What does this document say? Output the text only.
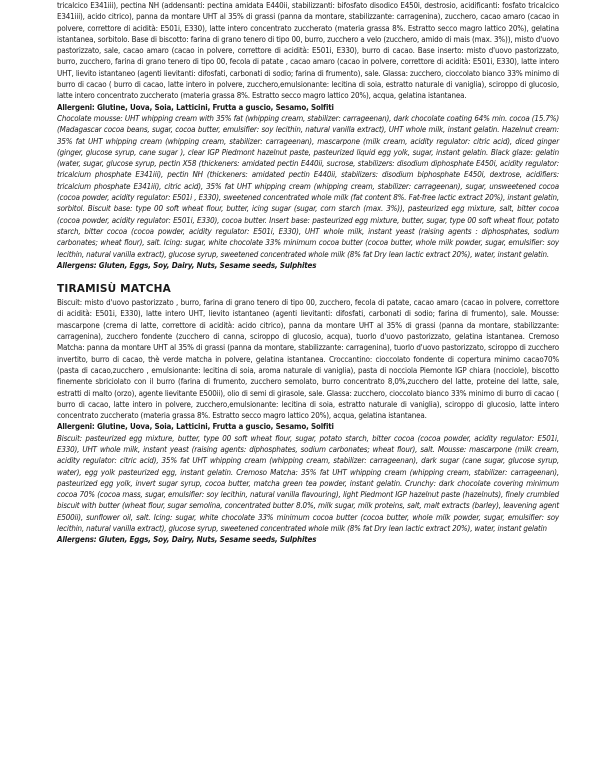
tricalcico E341iii), pectina NH (addensanti: pectina amidata E440ii, stabilizzanti: bifosfato disodico E450i, destrosio, acidificanti: fosfato tricalcico E341iii), acido citrico), panna da montare UHT al 35% di grassi (panna da montare, stabilizzante: carragenina), zucchero, cacao amaro (cacao in polvere, correttore di acidità: E501i, E330), latte intero concentrato zuccherato (materia grassa 8%. Estratto secco magro lattico 20%), gelatina istantanea, sorbitolo. Base di biscotto: farina di grano tenero di tipo 00, burro, zucchero a velo (zucchero, amido di mais (max. 3%)), misto d'uovo pastorizzato, sale, cacao amaro (cacao in polvere, correttore di acidità: E501i, E330), burro di cacao. Base inserto: misto d'uovo pastorizzato, burro, zucchero, farina di grano tenero di tipo 00, fecola di patate , cacao amaro (cacao in polvere, correttore di acidità: E501i, E330), latte intero UHT, lievito istantaneo (agenti lievitanti: difosfati, carbonati di sodio; farina di frumento), sale. Glassa: zucchero, cioccolato bianco 33% minimo di burro di cacao ( burro di cacao, latte intero in polvere, zucchero,emulsionante: lecitina di soia, estratto naturale di vaniglia), sciroppo di glucosio, latte intero concentrato zuccherato (materia grassa 8%. Estratto secco magro lattico 20%), acqua, gelatina istantanea.

Allergeni: Glutine, Uova, Soia, Latticini, Frutta a guscio, Sesamo, Solfiti

Chocolate mousse: UHT whipping cream with 35% fat (whipping cream, stabilizer: carrageenan), dark chocolate coating 64% min. cocoa (15.7%) (Madagascar cocoa beans, sugar, cocoa butter, emulsifier: soy lecithin, natural vanilla extract), UHT whole milk, instant gelatin. Hazelnut cream: 35% fat UHT whipping cream (whipping cream, stabilizer: carrageenan), mascarpone (milk cream, acidity regulator: citric acid), diced ginger (ginger, glucose syrup, cane sugar ), clear IGP Piedmont hazelnut paste, pasteurized liquid egg yolk, sugar, instant gelatin. Black glaze: gelatin (water, sugar, glucose syrup, pectin X58 (thickeners: amidated pectin E440ii, sucrose, stabilizers: disodium diphosphate E450i, acidity regulator: tricalcium phosphate E341iii), pectin NH (thickeners: amidated pectin E440ii, stabilizers: disodium biphosphate E450i, dextrose, acidifiers: tricalcium phosphate E341iii), citric acid), 35% fat UHT whipping cream (whipping cream, stabilizer: carrageenan), sugar, unsweetened cocoa (cocoa powder, acidity regulator: E501i , E330), sweetened concentrated whole milk (fat content 8%. Fat-free lactic extract 20%), instant gelatin, sorbitol. Biscuit base: type 00 soft wheat flour, butter, icing sugar (sugar, corn starch (max. 3%)), pasteurized egg mixture, salt, bitter cocoa (cocoa powder, acidity regulator: E501i, E330), cocoa butter. Insert base: pasteurized egg mixture, butter, sugar, type 00 soft wheat flour, potato starch, bitter cocoa (cocoa powder, acidity regulator: E501i, E330), UHT whole milk, instant yeast (raising agents : diphosphates, sodium carbonates; wheat flour), salt. Icing: sugar, white chocolate 33% minimum cocoa butter (cocoa butter, whole milk powder, sugar, emulsifier: soy lecithin, natural vanilla extract), glucose syrup, sweetened concentrated whole milk (8% fat Dry lean lactic extract 20%), water, instant gelatin.

Allergens: Gluten, Eggs, Soy, Dairy, Nuts, Sesame seeds, Sulphites

TIRAMISÙ MATCHA

Biscuit: misto d'uovo pastorizzato , burro, farina di grano tenero di tipo 00, zucchero, fecola di patate, cacao amaro (cacao in polvere, correttore di acidità: E501i, E330), latte intero UHT, lievito istantaneo (agenti lievitanti: difosfati, carbonati di sodio; farina di frumento), sale. Mousse: mascarpone (crema di latte, correttore di acidità: acido citrico), panna da montare UHT al 35% di grassi (panna da montare, stabilizzante: carragenina), zucchero fondente (zucchero di canna, sciroppo di glucosio, acqua), tuorlo d'uovo pastorizzato, gelatina istantanea. Cremoso Matcha: panna da montare UHT al 35% di grassi (panna da montare, stabilizzante: carragenina), tuorlo d'uovo pastorizzato, sciroppo di zucchero invertito, burro di cacao, thè verde matcha in polvere, gelatina istantanea. Croccantino: cioccolato fondente di copertura minimo cacao70% (pasta di cacao,zucchero , emulsionante: lecitina di soia, aroma naturale di vaniglia), pasta di nocciola Piemonte IGP chiara (nocciole), biscotto finemente sbriciolato con il burro (farina di frumento, zucchero semolato, burro concentrato 8,0%,zucchero del latte, proteine del latte, sale, estratti di malto (orzo), agente lievitante E500ii), olio di semi di girasole, sale. Glassa: zucchero, cioccolato bianco 33% minimo di burro di cacao ( burro di cacao, latte intero in polvere, zucchero,emulsionante: lecitina di soia, estratto naturale di vaniglia), sciroppo di glucosio, latte intero concentrato zuccherato (materia grassa 8%. Estratto secco magro lattico 20%), acqua, gelatina istantanea.

Allergeni: Glutine, Uova, Soia, Latticini, Frutta a guscio, Sesamo, Solfiti

Biscuit: pasteurized egg mixture, butter, type 00 soft wheat flour, sugar, potato starch, bitter cocoa (cocoa powder, acidity regulator: E501i, E330), UHT whole milk, instant yeast (raising agents: diphosphates, sodium carbonates; wheat flour), salt. Mousse: mascarpone (milk cream, acidity regulator: citric acid), 35% fat UHT whipping cream (whipping cream, stabilizer: carrageenan), dark sugar (cane sugar, glucose syrup, water), egg yolk pasteurized egg, instant gelatin. Cremoso Matcha: 35% fat UHT whipping cream (whipping cream, stabilizer: carrageenan), pasteurized egg yolk, invert sugar syrup, cocoa butter, matcha green tea powder, instant gelatin. Crunchy: dark chocolate covering minimum cocoa 70% (cocoa mass, sugar, emulsifier: soy lecithin, natural vanilla flavouring), light Piedmont IGP hazelnut paste (hazelnuts), finely crumbled biscuit with butter (wheat flour, sugar semolina, concentrated butter 8.0%, milk sugar, milk proteins, salt, malt extracts (barley), leavening agent E500ii), sunflower oil, salt. Icing: sugar, white chocolate 33% minimum cocoa butter (cocoa butter, whole milk powder, sugar, emulsifier: soy lecithin, natural vanilla extract), glucose syrup, sweetened concentrated whole milk (8% fat Dry lean lactic extract 20%), water, instant gelatin

Allergens: Gluten, Eggs, Soy, Dairy, Nuts, Sesame seeds, Sulphites
